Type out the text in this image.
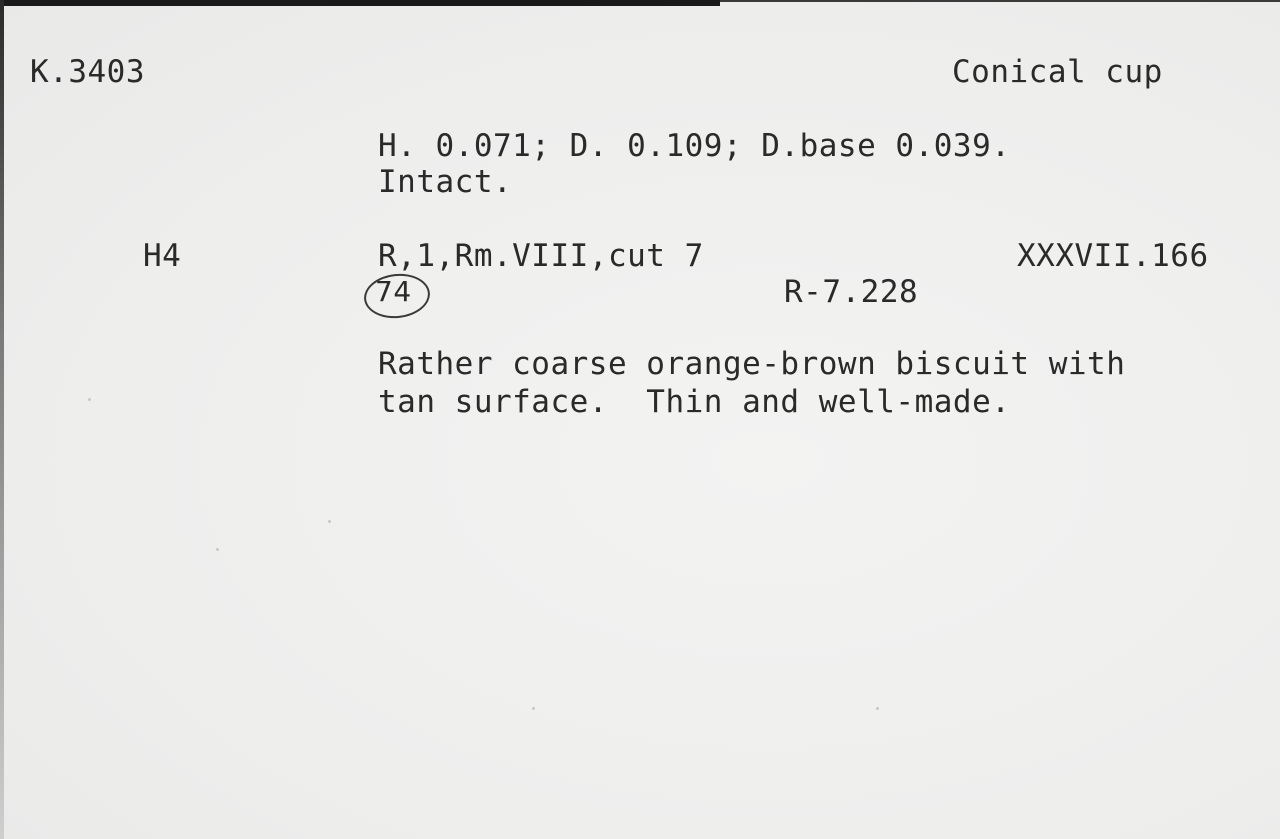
K.3403	Conical cup
H. 0.071; D. 0.109; D.base 0.039.
Intact.
H4	R,1,Rm.VIII,cut 7	XXXVII.166
74	R-7.228
Rather coarse orange-brown biscuit with
tan surface.  Thin and well-made.
